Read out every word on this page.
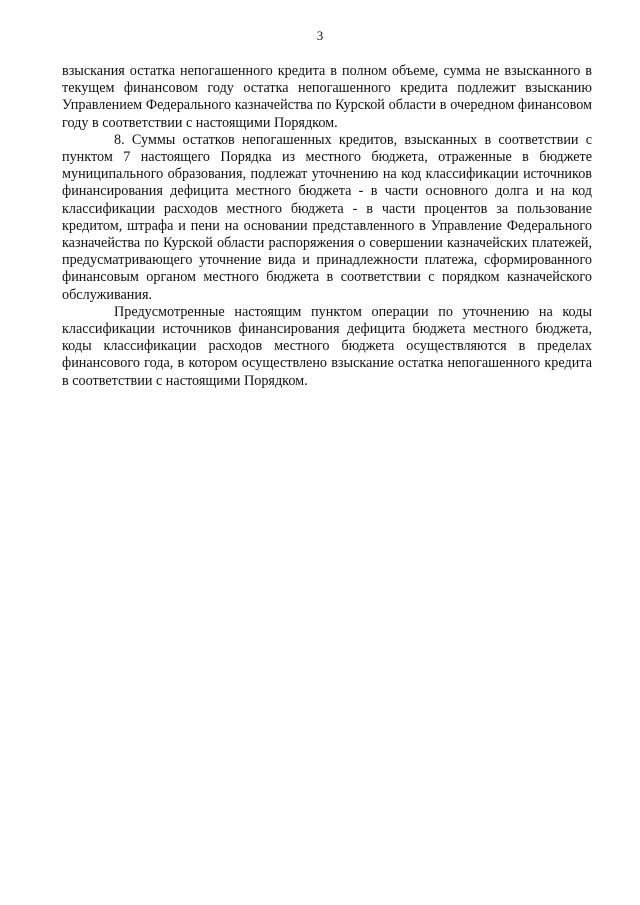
3

взыскания остатка непогашенного кредита в полном объеме, сумма не взысканного в текущем финансовом году остатка непогашенного кредита подлежит взысканию Управлением Федерального казначейства по Курской области в очередном финансовом году в соответствии с настоящими Порядком.

8. Суммы остатков непогашенных кредитов, взысканных в соответствии с пунктом 7 настоящего Порядка из местного бюджета, отраженные в бюджете муниципального образования, подлежат уточнению на код классификации источников финансирования дефицита местного бюджета - в части основного долга и на код классификации расходов местного бюджета - в части процентов за пользование кредитом, штрафа и пени на основании представленного в Управление Федерального казначейства по Курской области распоряжения о совершении казначейских платежей, предусматривающего уточнение вида и принадлежности платежа, сформированного финансовым органом местного бюджета в соответствии с порядком казначейского обслуживания.

Предусмотренные настоящим пунктом операции по уточнению на коды классификации источников финансирования дефицита бюджета местного бюджета, коды классификации расходов местного бюджета осуществляются в пределах финансового года, в котором осуществлено взыскание остатка непогашенного кредита в соответствии с настоящими Порядком.
